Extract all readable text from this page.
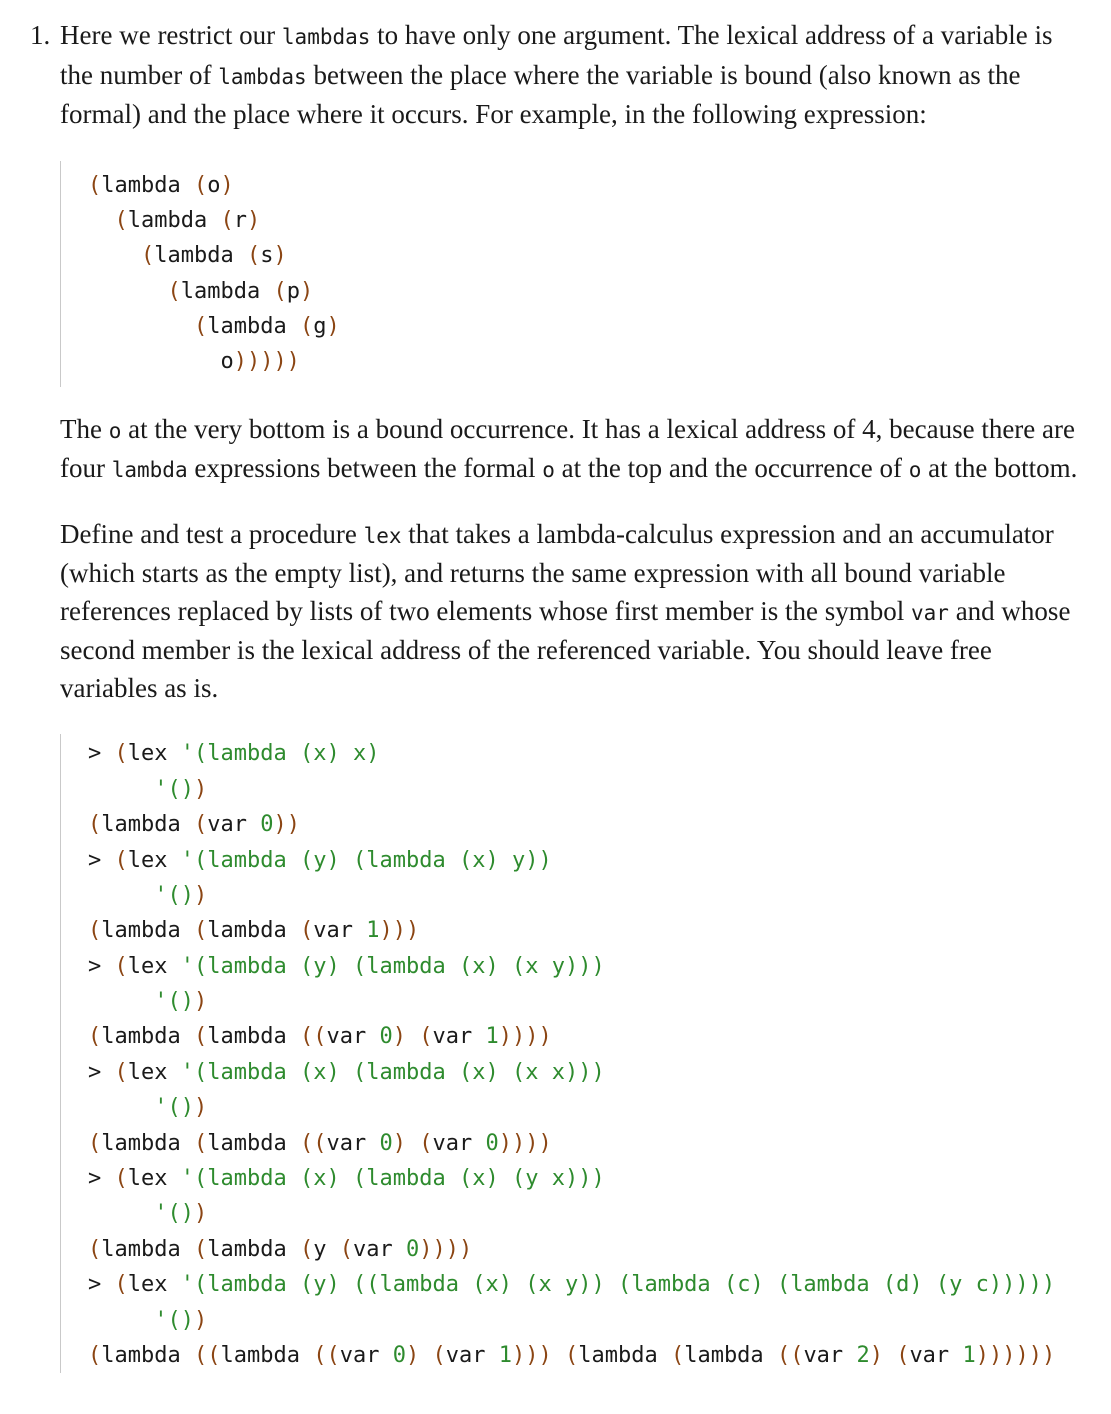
1. Here we restrict our lambdas to have only one argument. The lexical address of a variable is the number of lambdas between the place where the variable is bound (also known as the formal) and the place where it occurs. For example, in the following expression:

(lambda (o)
(lambda (r)
(lambda (s)
(lambda (p)
(lambda (g)
o)))))

The o at the very bottom is a bound occurrence. It has a lexical address of 4, because there are four lambda expressions between the formal o at the top and the occurrence of o at the bottom.

Define and test a procedure lex that takes a lambda-calculus expression and an accumulator (which starts as the empty list), and returns the same expression with all bound variable references replaced by lists of two elements whose first member is the symbol var and whose second member is the lexical address of the referenced variable. You should leave free variables as is.

> (lex '(lambda (x) x)
'())
(lambda (var 0))
> (lex '(lambda (y) (lambda (x) y))
'())
(lambda (lambda (var 1)))
> (lex '(lambda (y) (lambda (x) (x y)))
'())
(lambda (lambda ((var 0) (var 1))))
> (lex '(lambda (x) (lambda (x) (x x)))
'())
(lambda (lambda ((var 0) (var 0))))
> (lex '(lambda (x) (lambda (x) (y x)))
'())
(lambda (lambda (y (var 0))))
> (lex '(lambda (y) ((lambda (x) (x y)) (lambda (c) (lambda (d) (y c)))))
'())
(lambda ((lambda ((var 0) (var 1))) (lambda (lambda ((var 2) (var 1))))))
